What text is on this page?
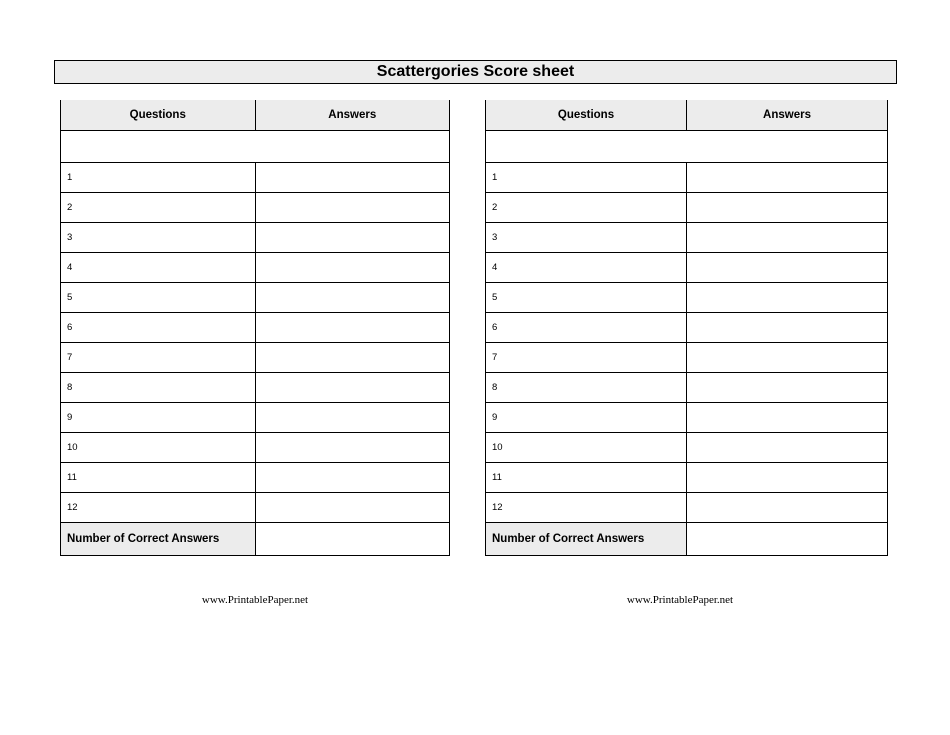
Scattergories Score sheet
Questions	Answers

1	
2	
3	
4	
5	
6	
7	
8	
9	
10	
11	
12	
Number of Correct Answers	
Questions	Answers

1	
2	
3	
4	
5	
6	
7	
8	
9	
10	
11	
12	
Number of Correct Answers	
www.PrintablePaper.net	www.PrintablePaper.net
